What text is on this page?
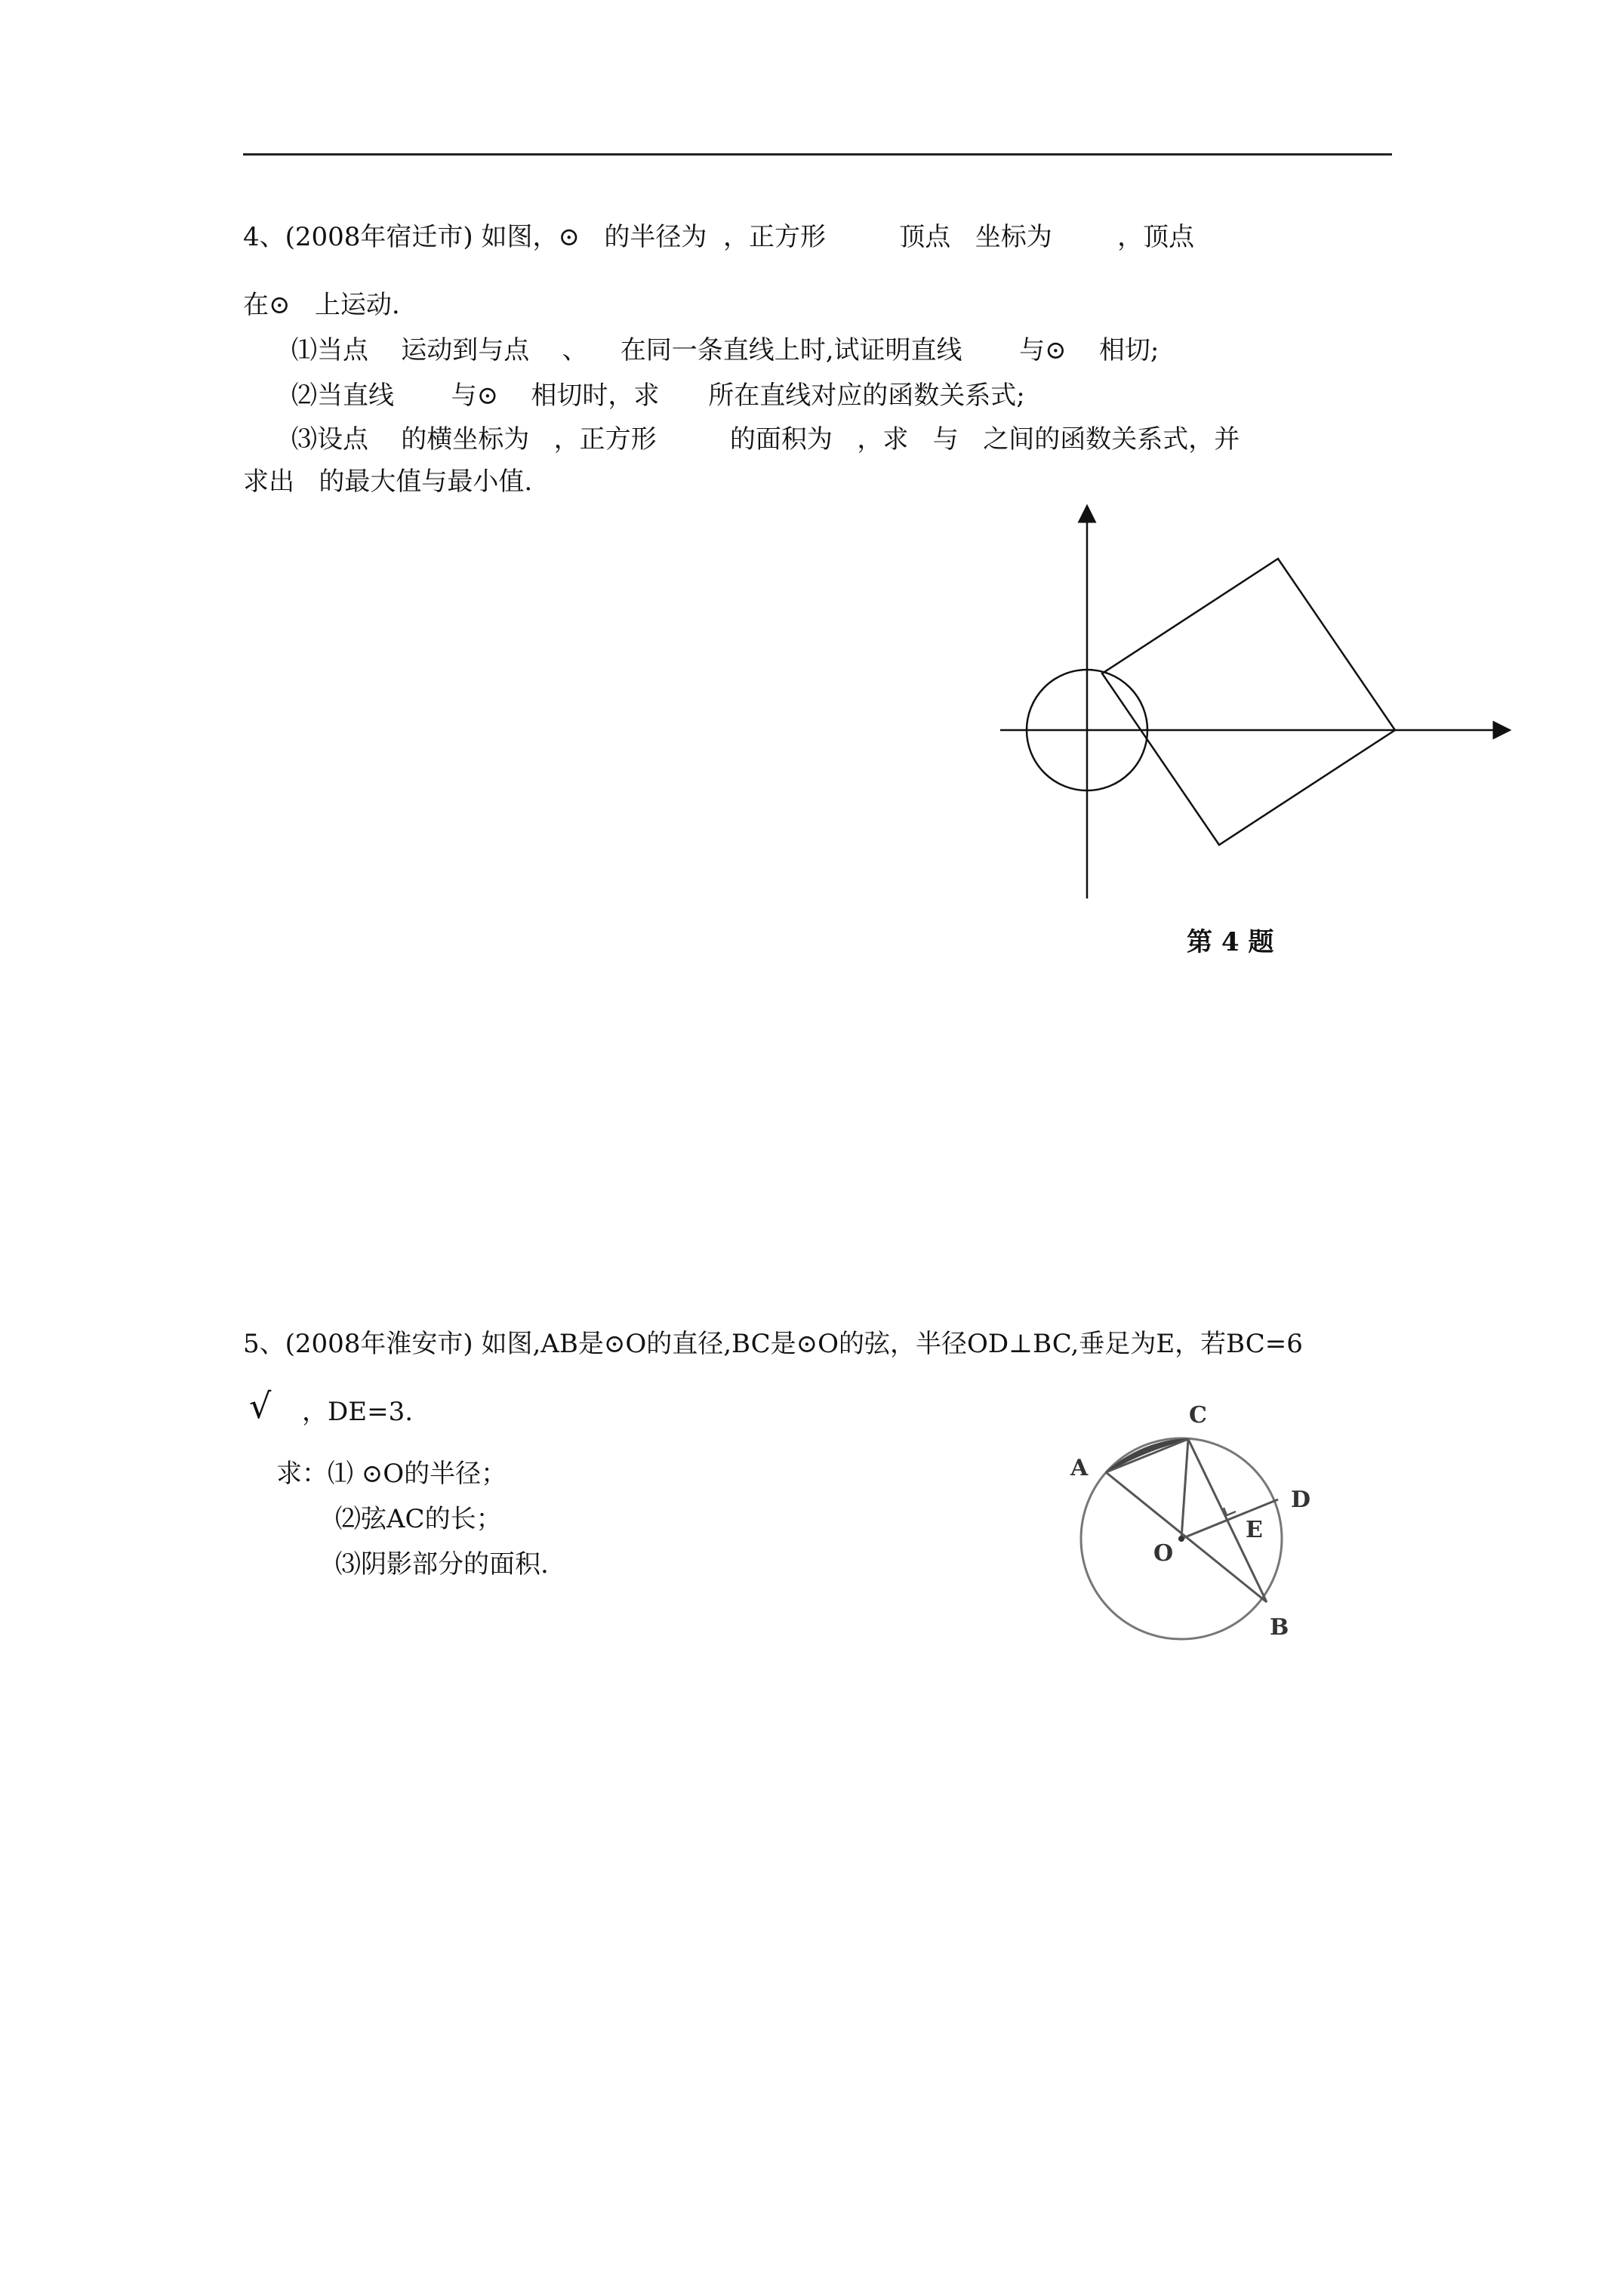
4、(2008年宿迁市) 如图，⊙   的半径为  ，正方形         顶点   坐标为        ，顶点
在⊙   上运动.
⑴当点    运动到与点    、    在同一条直线上时,试证明直线       与⊙    相切;
⑵当直线       与⊙    相切时，求      所在直线对应的函数关系式;
⑶设点    的横坐标为   ，正方形         的面积为   ，求   与   之间的函数关系式，并
求出   的最大值与最小值.
第 4 题
5、(2008年淮安市) 如图,AB是⊙O的直径,BC是⊙O的弦，半径OD⊥BC,垂足为E，若BC=6
√ ，DE=3.
求：⑴ ⊙O的半径；
⑵弦AC的长；
⑶阴影部分的面积.
C
A
D
E
O
B
